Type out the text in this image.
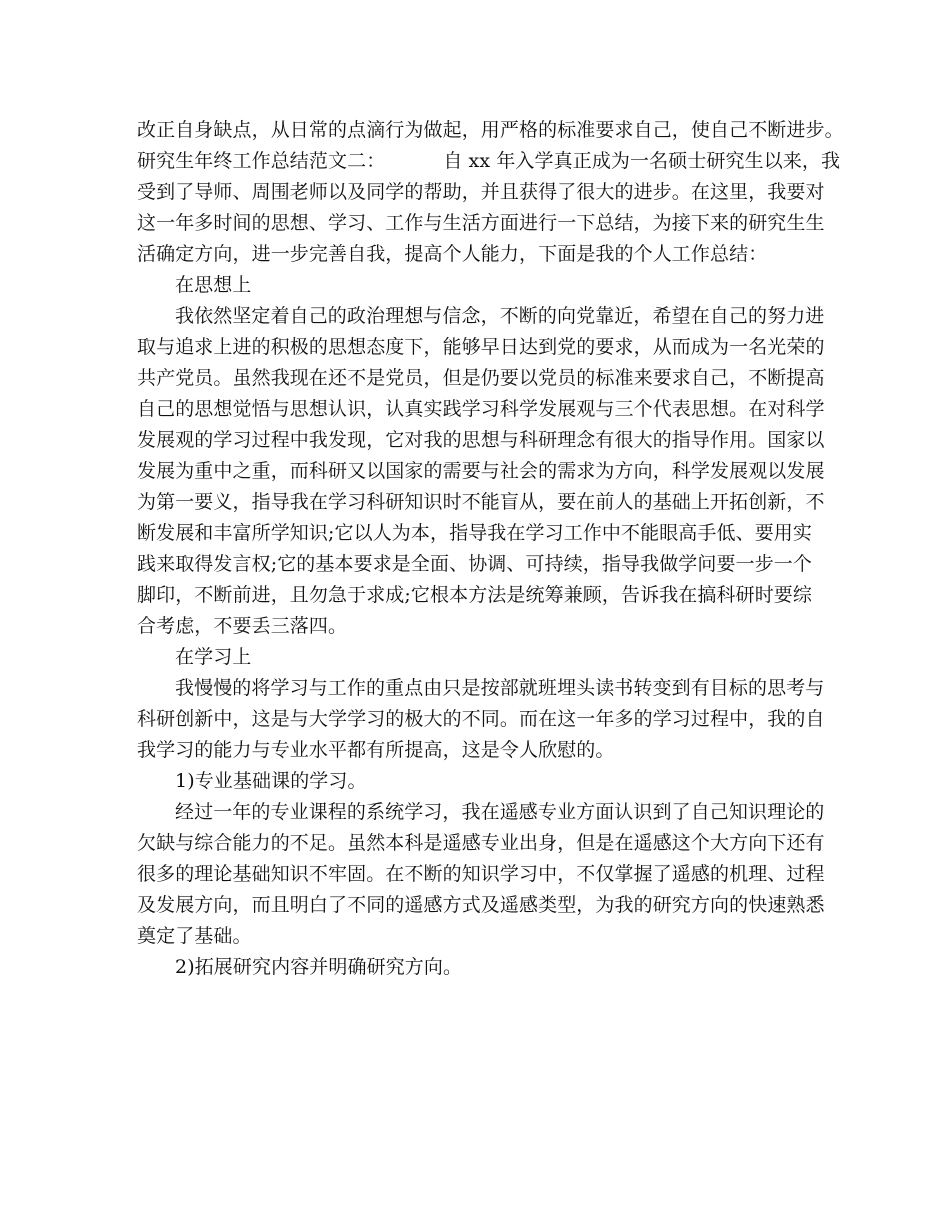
改正自身缺点，从日常的点滴行为做起，用严格的标准要求自己，使自己不断进步。
研究生年终工作总结范文二：	自 xx 年入学真正成为一名硕士研究生以来，我
受到了导师、周围老师以及同学的帮助，并且获得了很大的进步。在这里，我要对
这一年多时间的思想、学习、工作与生活方面进行一下总结，为接下来的研究生生
活确定方向，进一步完善自我，提高个人能力，下面是我的个人工作总结：
在思想上
我依然坚定着自己的政治理想与信念，不断的向党靠近，希望在自己的努力进
取与追求上进的积极的思想态度下，能够早日达到党的要求，从而成为一名光荣的
共产党员。虽然我现在还不是党员，但是仍要以党员的标准来要求自己，不断提高
自己的思想觉悟与思想认识，认真实践学习科学发展观与三个代表思想。在对科学
发展观的学习过程中我发现，它对我的思想与科研理念有很大的指导作用。国家以
发展为重中之重，而科研又以国家的需要与社会的需求为方向，科学发展观以发展
为第一要义，指导我在学习科研知识时不能盲从，要在前人的基础上开拓创新，不
断发展和丰富所学知识;它以人为本，指导我在学习工作中不能眼高手低、要用实
践来取得发言权;它的基本要求是全面、协调、可持续，指导我做学问要一步一个
脚印，不断前进，且勿急于求成;它根本方法是统筹兼顾，告诉我在搞科研时要综
合考虑，不要丢三落四。
在学习上
我慢慢的将学习与工作的重点由只是按部就班埋头读书转变到有目标的思考与
科研创新中，这是与大学学习的极大的不同。而在这一年多的学习过程中，我的自
我学习的能力与专业水平都有所提高，这是令人欣慰的。
1)专业基础课的学习。
经过一年的专业课程的系统学习，我在遥感专业方面认识到了自己知识理论的
欠缺与综合能力的不足。虽然本科是遥感专业出身，但是在遥感这个大方向下还有
很多的理论基础知识不牢固。在不断的知识学习中，不仅掌握了遥感的机理、过程
及发展方向，而且明白了不同的遥感方式及遥感类型，为我的研究方向的快速熟悉
奠定了基础。
2)拓展研究内容并明确研究方向。
